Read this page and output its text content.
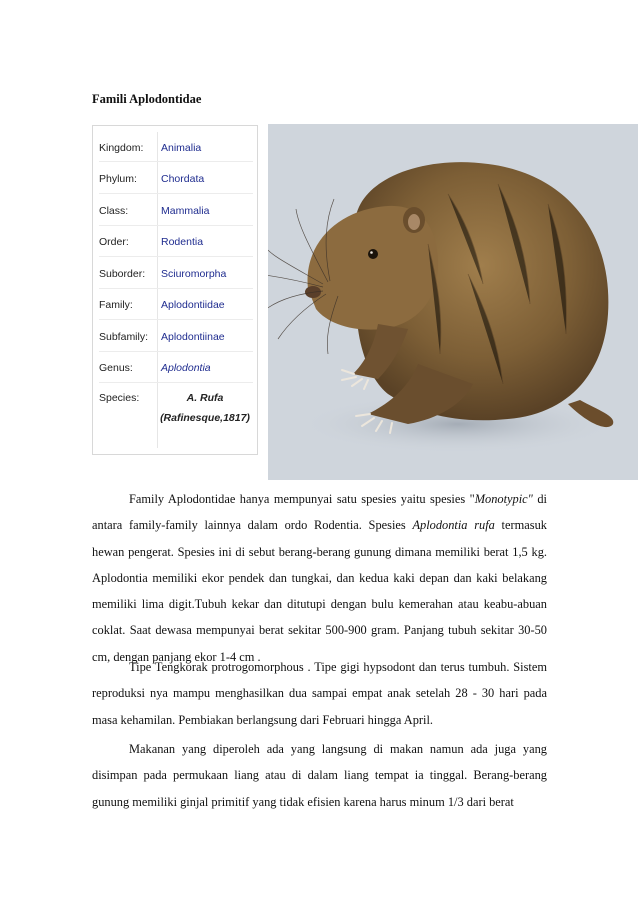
Famili Aplodontidae
Kingdom: Animalia
Phylum: Chordata
Class:	Mammalia
Order:	Rodentia
Suborder: Sciuromorpha
Family:	Aplodontiidae
Subfamily: Aplodontiinae
Genus:	Aplodontia
Species:	A. Rufa
(Rafinesque,1817)

Family Aplodontidae hanya mempunyai satu spesies yaitu spesies "Monotypic" di antara family-family lainnya dalam ordo Rodentia. Spesies Aplodontia rufa termasuk hewan pengerat. Spesies ini di sebut berang-berang gunung dimana memiliki berat 1,5 kg. Aplodontia memiliki ekor pendek dan tungkai, dan kedua kaki depan dan kaki belakang memiliki lima digit.Tubuh kekar dan ditutupi dengan bulu kemerahan atau keabu-abuan coklat. Saat dewasa mempunyai berat sekitar 500-900 gram. Panjang tubuh sekitar 30-50 cm, dengan panjang ekor 1-4 cm .

Tipe Tengkorak protrogomorphous . Tipe gigi hypsodont dan terus tumbuh. Sistem reproduksi nya mampu menghasilkan dua sampai empat anak setelah 28 - 30 hari pada masa kehamilan. Pembiakan berlangsung dari Februari hingga April.

Makanan yang diperoleh ada yang langsung di makan namun ada juga yang disimpan pada permukaan liang atau di dalam liang tempat ia tinggal. Berang-berang gunung memiliki ginjal primitif yang tidak efisien karena harus minum 1/3 dari berat
